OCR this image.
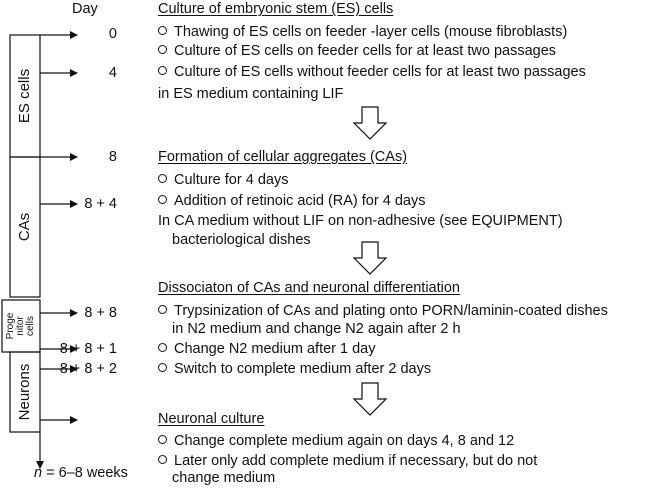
Day
0
4
8
8 + 4
8 + 8
8 + 8 + 1
8 + 8 + 2
ES cells
CAs
Neurons
Proge
nitor
cells
n = 6–8 weeks
Culture of embryonic stem (ES) cells
Thawing of ES cells on feeder -layer cells (mouse fibroblasts)
Culture of ES cells on feeder cells for at least two passages
Culture of ES cells without feeder cells for at least two passages
in ES medium containing LIF
Formation of cellular aggregates (CAs)
Culture for 4 days
Addition of retinoic acid (RA) for 4 days
In CA medium without LIF on non-adhesive (see EQUIPMENT)
bacteriological dishes
Dissociaton of CAs and neuronal differentiation
Trypsinization of CAs and plating onto PORN/laminin-coated dishes
in N2 medium and change N2 again after 2 h
Change N2 medium after 1 day
Switch to complete medium after 2 days
Neuronal culture
Change complete medium again on days 4, 8 and 12
Later only add complete medium if necessary, but do not
change medium
